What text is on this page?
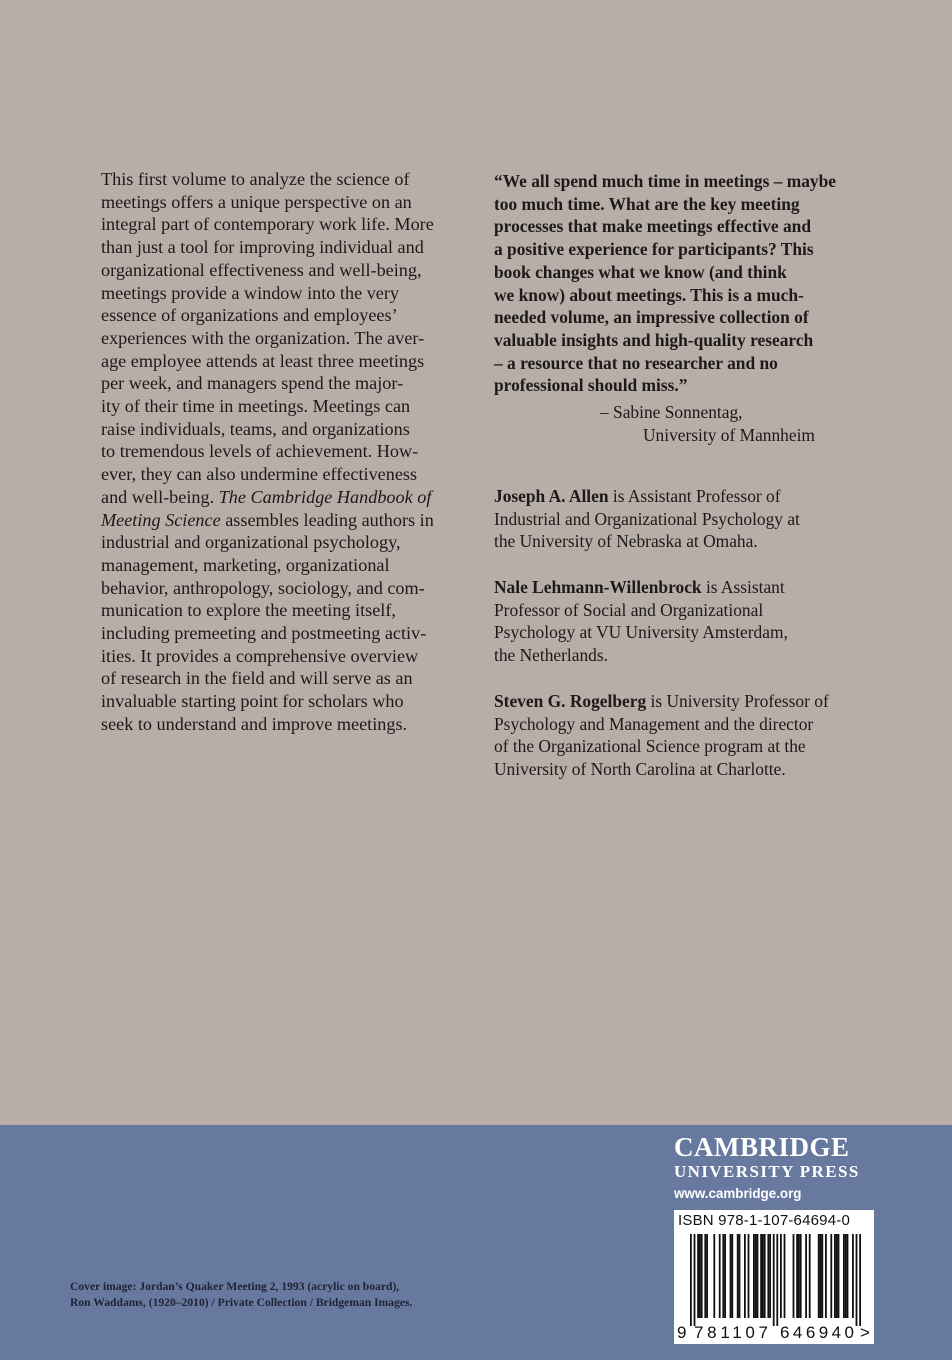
This first volume to analyze the science of
meetings offers a unique perspective on an
integral part of contemporary work life. More
than just a tool for improving individual and
organizational effectiveness and well-being,
meetings provide a window into the very
essence of organizations and employees’
experiences with the organization. The aver-
age employee attends at least three meetings
per week, and managers spend the major-
ity of their time in meetings. Meetings can
raise individuals, teams, and organizations
to tremendous levels of achievement. How-
ever, they can also undermine effectiveness
and well-being. The Cambridge Handbook of
Meeting Science assembles leading authors in
industrial and organizational psychology,
management, marketing, organizational
behavior, anthropology, sociology, and com-
munication to explore the meeting itself,
including premeeting and postmeeting activ-
ities. It provides a comprehensive overview
of research in the field and will serve as an
invaluable starting point for scholars who
seek to understand and improve meetings.
“We all spend much time in meetings – maybe
too much time. What are the key meeting
processes that make meetings effective and
a positive experience for participants? This
book changes what we know (and think
we know) about meetings. This is a much-
needed volume, an impressive collection of
valuable insights and high-quality research
– a resource that no researcher and no
professional should miss.”
– Sabine Sonnentag,
University of Mannheim
Joseph A. Allen is Assistant Professor of
Industrial and Organizational Psychology at
the University of Nebraska at Omaha.
Nale Lehmann-Willenbrock is Assistant
Professor of Social and Organizational
Psychology at VU University Amsterdam,
the Netherlands.
Steven G. Rogelberg is University Professor of
Psychology and Management and the director
of the Organizational Science program at the
University of North Carolina at Charlotte.
CAMBRIDGE
UNIVERSITY PRESS
www.cambridge.org
ISBN 978-1-107-64694-0
9 781107 646940 >
Cover image: Jordan’s Quaker Meeting 2, 1993 (acrylic on board),
Ron Waddams, (1920–2010) / Private Collection / Bridgeman Images.
